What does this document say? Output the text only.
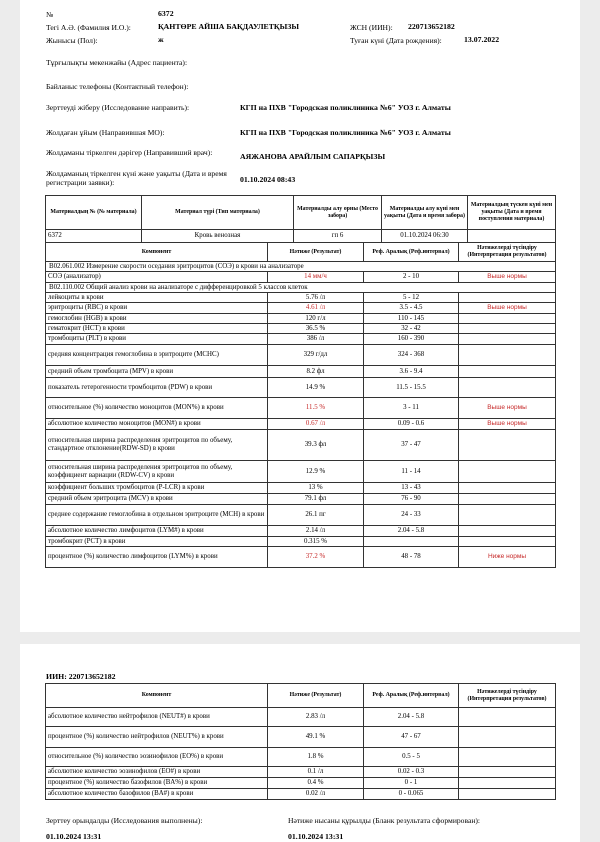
№	6372
Тегі А.Ә. (Фамилия И.О.):	ҚАНТӨРЕ АЙША БАҚДАУЛЕТҚЫЗЫ	ЖСН (ИИН): 220713652182
Жынысы (Пол):	ж	Туған күні (Дата рождения):	13.07.2022
Тұрғылықты мекенжайы (Адрес пациента):
Байланыс телефоны (Контактный телефон):
Зерттеуді жіберу (Исследование направить):	КГП на ПХВ "Городская поликлиника №6" УОЗ г. Алматы
Жолдаған ұйым (Направившая МО):	КГП на ПХВ "Городская поликлиника №6" УОЗ г. Алматы
Жолдаманы тіркелген дәрігер (Направивший врач):	АЯЖАНОВА АРАЙЛЫМ САПАРҚЫЗЫ
Жолдаманың тіркелген күні және уақыты (Дата и время регистрации заявки):	01.10.2024 08:43
Материалдың № (№ материала)	Материал түрі (Тип материала)	Материалды алу орны (Место забора)	Материалды алу күні мен уақыты (Дата и время забора)	Материалдың түскен күні мен уақыты (Дата и время поступления материала)
6372	Кровь венозная	гп 6	01.10.2024 06:30	
Компонент	Нәтиже (Результат)	Реф. Аралық (Реф.интервал)	Нәтижелерді түсіндіру (Интерпретация результатов)
B02.061.002 Измерение скорости оседания эритроцитов (СОЭ) в крови на анализаторе			
СОЭ (анализатор)	14 мм/ч	2 - 10	Выше нормы
B02.110.002 Общий анализ крови на анализаторе с дифференцировкой 5 классов клеток			
лейкоциты в крови	5.76 /л	5 - 12	
эритроциты (RBC) в крови	4.61 /л	3.5 - 4.5	Выше нормы
гемоглобин (HGB) в крови	120 г/л	110 - 145	
гематокрит (HCT) в крови	36.5 %	32 - 42	
тромбоциты (PLT) в крови	386 /л	160 - 390	
средняя концентрация гемоглобина в эритроците (MCHC)	329 г/дл	324 - 368	
средний объем тромбоцита (MPV) в крови	8.2 фл	3.6 - 9.4	
показатель гетерогенности тромбоцитов (PDW) в крови	14.9 %	11.5 - 15.5	
относительное (%) количество моноцитов (MON%) в крови	11.5 %	3 - 11	Выше нормы
абсолютное количество моноцитов (MON#) в крови	0.67 /л	0.09 - 0.6	Выше нормы
относительная ширина распределения эритроцитов по объему, стандартное отклонение(RDW-SD) в крови	39.3 фл	37 - 47	
относительная ширина распределения эритроцитов по объему, коэффициент вариации (RDW-CV) в крови	12.9 %	11 - 14	
коэффициент больших тромбоцитов (P-LCR) в крови	13 %	13 - 43	
средний объем эритроцита (MCV) в крови	79.1 фл	76 - 90	
среднее содержание гемоглобина в отдельном эритроците (MCH) в крови	26.1 пг	24 - 33	
абсолютное количество лимфоцитов (LYM#) в крови	2.14 /л	2.04 - 5.8	
тромбокрит (PCT) в крови	0.315 %		
процентное (%) количество лимфоцитов (LYM%) в крови	37.2 %	48 - 78	Ниже нормы
ИИН: 220713652182
Компонент	Нәтиже (Результат)	Реф. Аралық (Реф.интервал)	Нәтижелерді түсіндіру (Интерпретация результатов)
абсолютное количество нейтрофилов (NEUT#) в крови	2.83 /л	2.04 - 5.8	
процентное (%) количество нейтрофилов (NEUT%) в крови	49.1 %	47 - 67	
относительное (%) количество эозинофилов (EO%) в крови	1.8 %	0.5 - 5	
абсолютное количество эозинофилов (EO#) в крови	0.1 /л	0.02 - 0.3	
процентное (%) количество базофилов (BA%) в крови	0.4 %	0 - 1	
абсолютное количество базофилов (BA#) в крови	0.02 /л	0 - 0.065	
Зерттеу орындалды (Исследования выполнены):
01.10.2024 13:31
Нәтиже нысаны құрылды (Бланк результата сформирован):
01.10.2024 13:31
